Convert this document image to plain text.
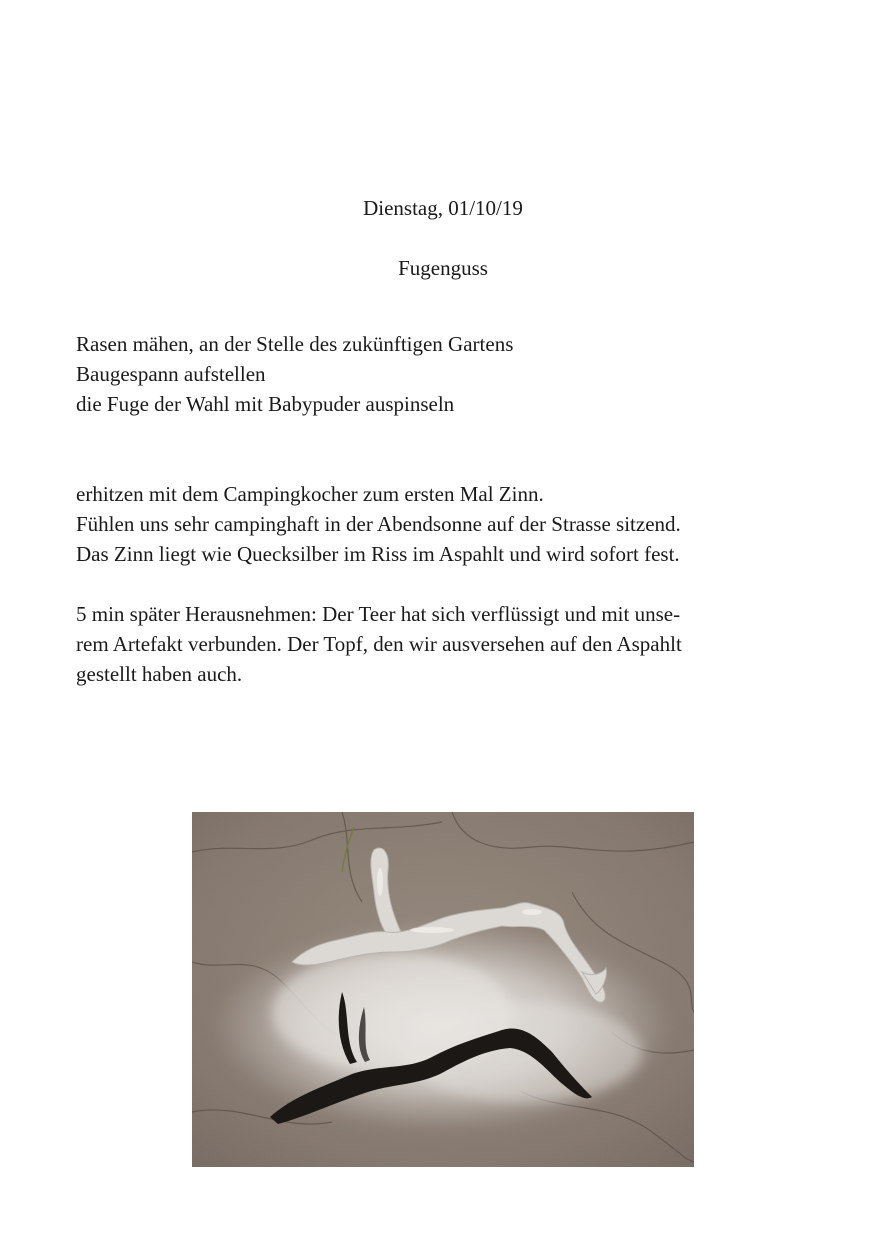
Dienstag, 01/10/19
Fugenguss
Rasen mähen, an der Stelle des zukünftigen Gartens
Baugespann aufstellen
die Fuge der Wahl mit Babypuder auspinseln
erhitzen mit dem Campingkocher zum ersten Mal Zinn.
Fühlen uns sehr campinghaft in der Abendsonne auf der Strasse sitzend.
Das Zinn liegt wie Quecksilber im Riss im Aspahlt und wird sofort fest.
5 min später Herausnehmen: Der Teer hat sich verflüssigt und mit unse-
rem Artefakt verbunden. Der Topf, den wir ausversehen auf den Aspahlt
gestellt haben auch.
